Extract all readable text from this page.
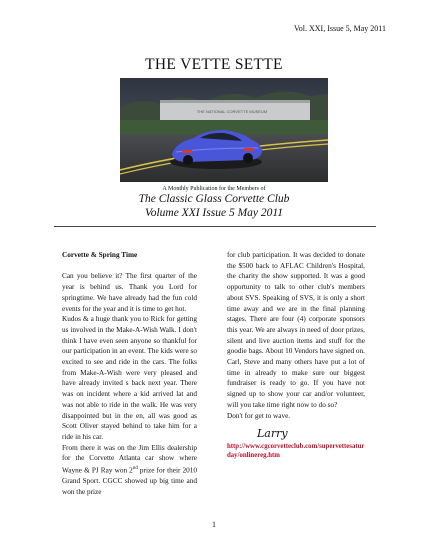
Vol. XXI, Issue 5, May 2011
THE VETTE SETTE
THE NATIONAL CORVETTE MUSEUM
A Monthly Publication for the Members of
The Classic Glass Corvette Club
Volume XXI Issue 5 May 2011
Corvette & Spring Time
Can you believe it? The first quarter of the year is behind us. Thank you Lord for springtime. We have already had the fun cold events for the year and it is time to get hot.
Kudos & a huge thank you to Rick for getting us involved in the Make-A-Wish Walk. I don't think I have even seen anyone so thankful for our participation in an event. The kids were so excited to see and ride in the cars. The folks from Make-A-Wish were very pleased and have already invited s back next year. There was on incident where a kid arrived lat and was not able to ride in the walk. He was very disappointed but in the en, all was good as Scott Oliver stayed behind to take him for a ride in his car.
From there it was on the Jim Ellis dealership for the Corvette Atlanta car show where Wayne & PJ Ray won 2nd prize for their 2010 Grand Sport. CGCC showed up big time and won the prize
for club participation. It was decided to donate the $500 back to AFLAC Children's Hospital, the charity the show supported. It was a good opportunity to talk to other club's members about SVS. Speaking of SVS, it is only a short time away and we are in the final planning stages. There are four (4) corporate sponsors this year. We are always in need of door prizes, silent and live auction items and stuff for the goodie bags. About 10 Vendors have signed on. Carl, Steve and many others have put a lot of time in already to make sure our biggest fundraiser is ready to go. If you have not signed up to show your car and/or volunteer, will you take time right now to do so?
Don't for get to wave.
Larry
http://www.cgcorvetteclub.com/supervettesaturday/onlinereg.htm
1
